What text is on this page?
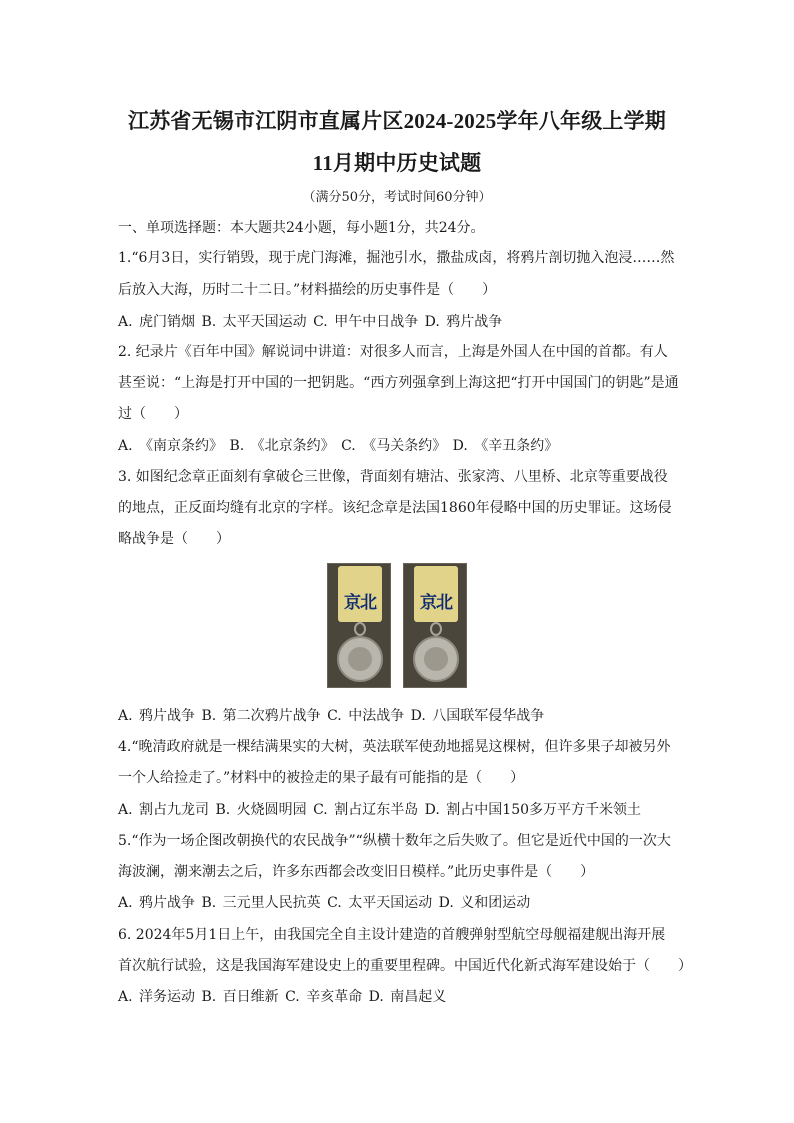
江苏省无锡市江阴市直属片区2024-2025学年八年级上学期
11月期中历史试题
（满分50分，考试时间60分钟）
一、单项选择题：本大题共24小题，每小题1分，共24分。
1.“6月3日，实行销毁，现于虎门海滩，掘池引水，撒盐成卤，将鸦片剖切抛入泡浸……然
后放入大海，历时二十二日。”材料描绘的历史事件是（　　）
A. 虎门销烟 B. 太平天国运动 C. 甲午中日战争 D. 鸦片战争
2. 纪录片《百年中国》解说词中讲道：对很多人而言，上海是外国人在中国的首都。有人
甚至说：“上海是打开中国的一把钥匙。“西方列强拿到上海这把“打开中国国门的钥匙”是通
过（　　）
A. 《南京条约》 B. 《北京条约》 C. 《马关条约》 D. 《辛丑条约》
3. 如图纪念章正面刻有拿破仑三世像，背面刻有塘沽、张家湾、八里桥、北京等重要战役
的地点，正反面均缝有北京的字样。该纪念章是法国1860年侵略中国的历史罪证。这场侵
略战争是（　　）
京北	京北
A. 鸦片战争 B. 第二次鸦片战争 C. 中法战争 D. 八国联军侵华战争
4.“晚清政府就是一棵结满果实的大树，英法联军使劲地摇晃这棵树，但许多果子却被另外
一个人给捡走了。”材料中的被捡走的果子最有可能指的是（　　）
A. 割占九龙司 B. 火烧圆明园 C. 割占辽东半岛 D. 割占中国150多万平方千米领土
5.“作为一场企图改朝换代的农民战争”“纵横十数年之后失败了。但它是近代中国的一次大
海波澜，潮来潮去之后，许多东西都会改变旧日模样。”此历史事件是（　　）
A. 鸦片战争 B. 三元里人民抗英 C. 太平天国运动 D. 义和团运动
6. 2024年5月1日上午，由我国完全自主设计建造的首艘弹射型航空母舰福建舰出海开展
首次航行试验，这是我国海军建设史上的重要里程碑。中国近代化新式海军建设始于（　　）
A. 洋务运动 B. 百日维新 C. 辛亥革命 D. 南昌起义
